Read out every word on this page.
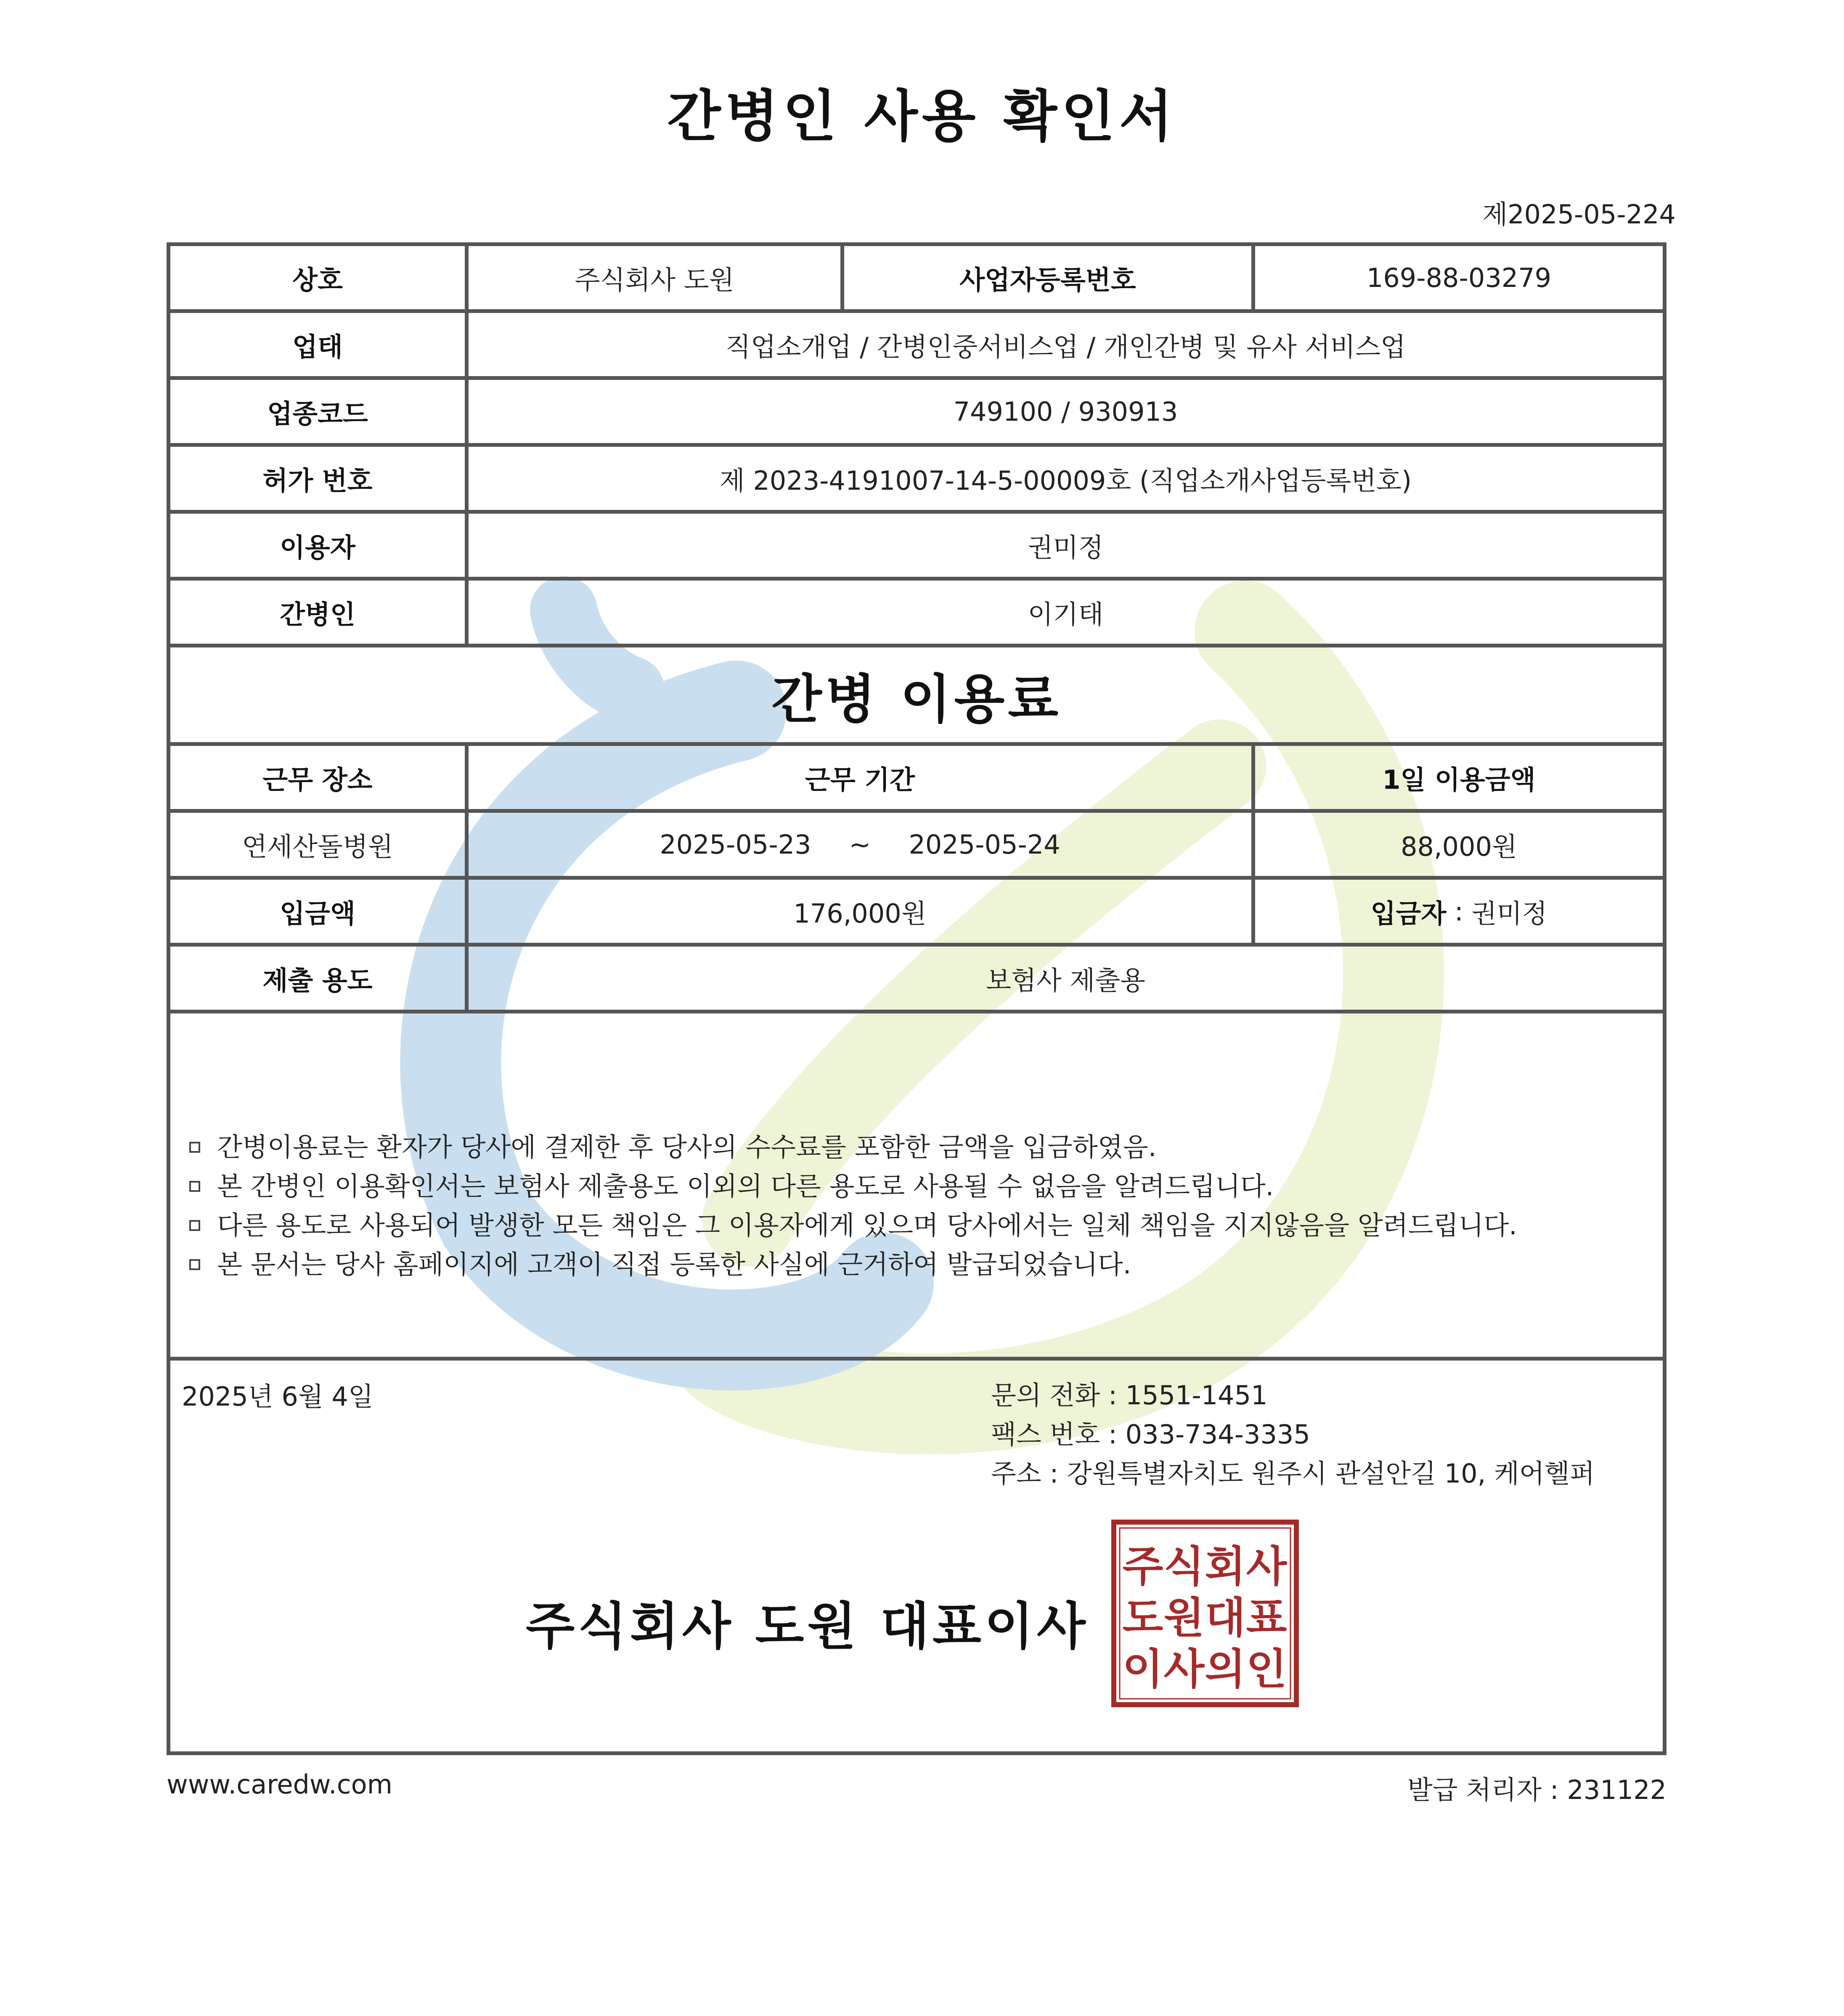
간병인 사용 확인서
제2025-05-224
상호	주식회사 도원	사업자등록번호	169-88-03279
업태	직업소개업 / 간병인중서비스업 / 개인간병 및 유사 서비스업
업종코드	749100 / 930913
허가 번호	제 2023-4191007-14-5-00009호 (직업소개사업등록번호)
이용자	권미정
간병인	이기태
간병 이용료
근무 장소	근무 기간	1일 이용금액
연세산돌병원	2025-05-23 ~ 2025-05-24	88,000원
입금액	176,000원	입금자 : 권미정
제출 용도	보험사 제출용
간병이용료는 환자가 당사에 결제한 후 당사의 수수료를 포함한 금액을 입금하였음.
본 간병인 이용확인서는 보험사 제출용도 이외의 다른 용도로 사용될 수 없음을 알려드립니다.
다른 용도로 사용되어 발생한 모든 책임은 그 이용자에게 있으며 당사에서는 일체 책임을 지지않음을 알려드립니다.
본 문서는 당사 홈페이지에 고객이 직접 등록한 사실에 근거하여 발급되었습니다.
2025년 6월 4일	문의 전화 : 1551-1451
팩스 번호 : 033-734-3335
주소 : 강원특별자치도 원주시 관설안길 10, 케어헬퍼
주식회사 도원 대표이사
주 식 회 사
도 원 대 표
이 사 의 인
www.caredw.com	발급 처리자 : 231122
